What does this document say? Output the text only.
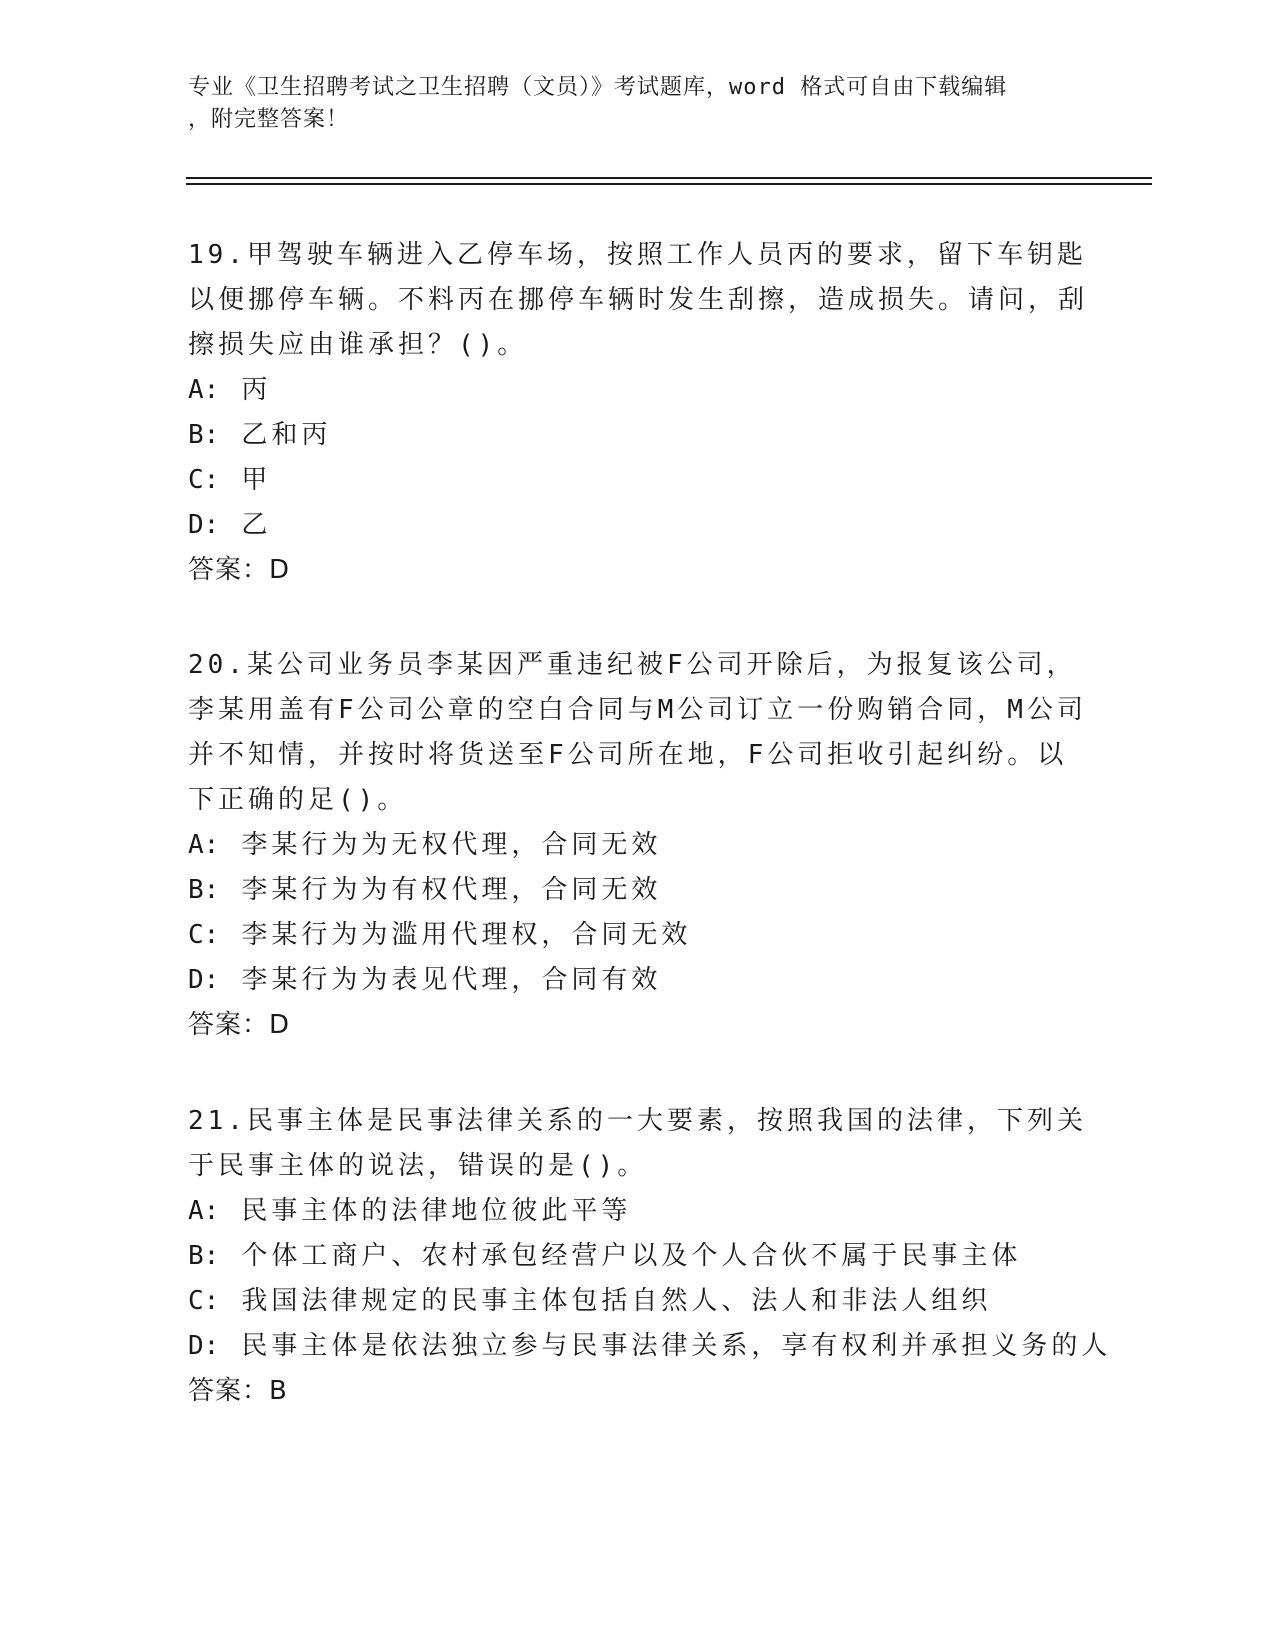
专业《卫生招聘考试之卫生招聘（文员）》考试题库，word 格式可自由下载编辑
，附完整答案！

19.甲驾驶车辆进入乙停车场，按照工作人员丙的要求，留下车钥匙以便挪停车辆。不料丙在挪停车辆时发生刮擦，造成损失。请问，刮擦损失应由谁承担？()。

A: 丙

B: 乙和丙

C: 甲

D: 乙

答案：D

20.某公司业务员李某因严重违纪被F公司开除后，为报复该公司，李某用盖有F公司公章的空白合同与M公司订立一份购销合同，M公司并不知情，并按时将货送至F公司所在地，F公司拒收引起纠纷。以下正确的足()。

A: 李某行为为无权代理，合同无效

B: 李某行为为有权代理，合同无效

C: 李某行为为滥用代理权，合同无效

D: 李某行为为表见代理，合同有效

答案：D

21.民事主体是民事法律关系的一大要素，按照我国的法律，下列关于民事主体的说法，错误的是()。

A: 民事主体的法律地位彼此平等

B: 个体工商户、农村承包经营户以及个人合伙不属于民事主体

C: 我国法律规定的民事主体包括自然人、法人和非法人组织

D: 民事主体是依法独立参与民事法律关系，享有权利并承担义务的人

答案：B
